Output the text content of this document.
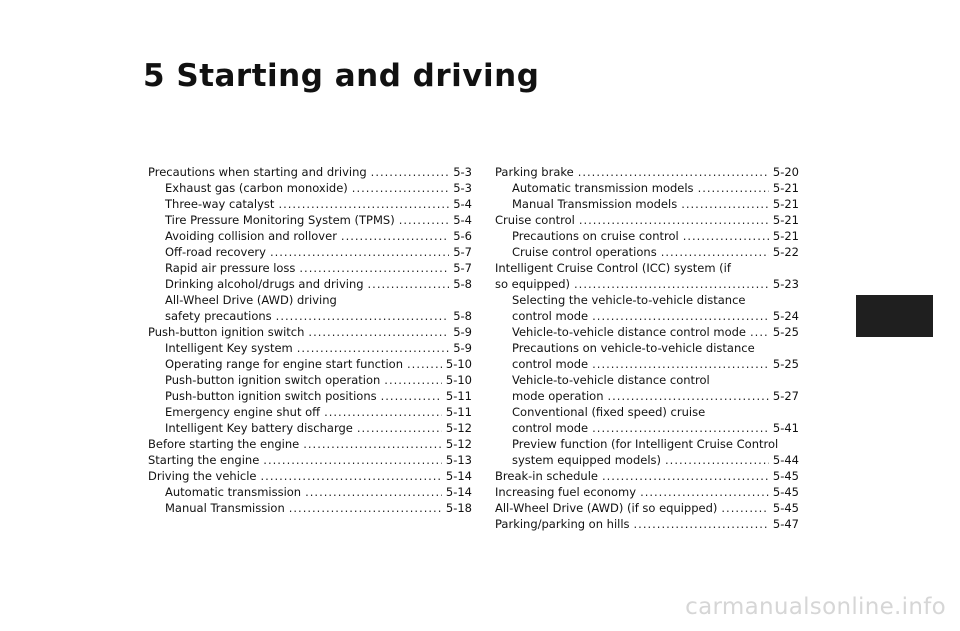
5 Starting and driving
Precautions when starting and driving .....	5-3
Exhaust gas (carbon monoxide) .....	5-3
Three-way catalyst .....	5-4
Tire Pressure Monitoring System (TPMS) .....	5-4
Avoiding collision and rollover .....	5-6
Off-road recovery .....	5-7
Rapid air pressure loss .....	5-7
Drinking alcohol/drugs and driving .....	5-8
All-Wheel Drive (AWD) driving
safety precautions .....	5-8
Push-button ignition switch .....	5-9
Intelligent Key system .....	5-9
Operating range for engine start function .....	5-10
Push-button ignition switch operation .....	5-10
Push-button ignition switch positions .....	5-11
Emergency engine shut off .....	5-11
Intelligent Key battery discharge .....	5-12
Before starting the engine .....	5-12
Starting the engine .....	5-13
Driving the vehicle .....	5-14
Automatic transmission .....	5-14
Manual Transmission .....	5-18
Parking brake .....	5-20
Automatic transmission models .....	5-21
Manual Transmission models .....	5-21
Cruise control .....	5-21
Precautions on cruise control .....	5-21
Cruise control operations .....	5-22
Intelligent Cruise Control (ICC) system (if
so equipped) .....	5-23
Selecting the vehicle-to-vehicle distance
control mode .....	5-24
Vehicle-to-vehicle distance control mode ..... 5-25
Precautions on vehicle-to-vehicle distance
control mode .....	5-25
Vehicle-to-vehicle distance control
mode operation .....	5-27
Conventional (fixed speed) cruise
control mode .....	5-41
Preview function (for Intelligent Cruise Control
system equipped models) .....	5-44
Break-in schedule .....	5-45
Increasing fuel economy .....	5-45
All-Wheel Drive (AWD) (if so equipped) .....	5-45
Parking/parking on hills .....	5-47
carmanualsonline.info
